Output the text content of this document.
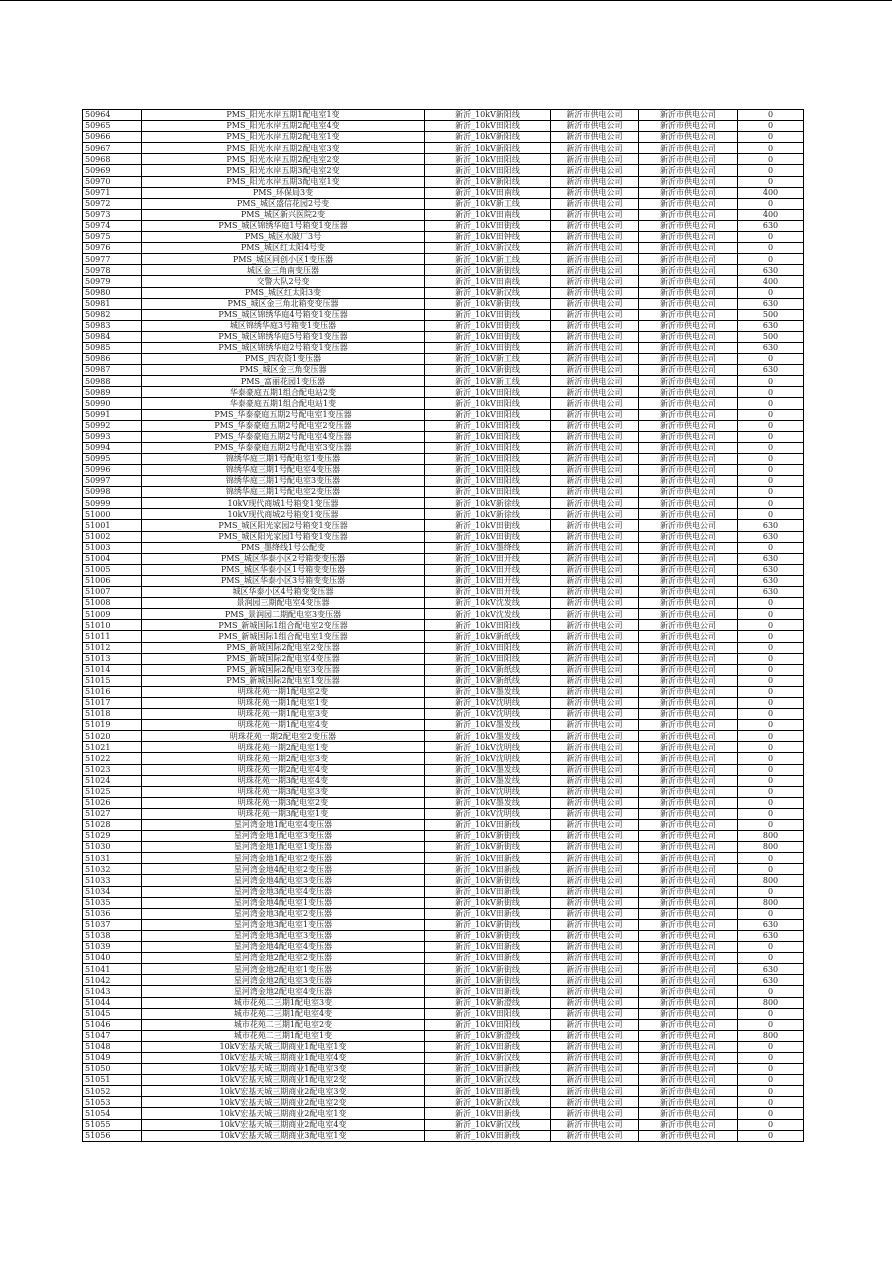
50964	PMS_阳光水岸五期1配电室1变	新沂_10kV新阳线	新沂市供电公司	新沂市供电公司	0
50965	PMS_阳光水岸五期2配电室4变	新沂_10kV田阳线	新沂市供电公司	新沂市供电公司	0
50966	PMS_阳光水岸五期2配电室1变	新沂_10kV新阳线	新沂市供电公司	新沂市供电公司	0
50967	PMS_阳光水岸五期2配电室3变	新沂_10kV新阳线	新沂市供电公司	新沂市供电公司	0
50968	PMS_阳光水岸五期2配电室2变	新沂_10kV田阳线	新沂市供电公司	新沂市供电公司	0
50969	PMS_阳光水岸五期3配电室2变	新沂_10kV田阳线	新沂市供电公司	新沂市供电公司	0
50970	PMS_阳光水岸五期3配电室1变	新沂_10kV新阳线	新沂市供电公司	新沂市供电公司	0
50971	PMS_环保局3变	新沂_10kV田南线	新沂市供电公司	新沂市供电公司	400
50972	PMS_城区盛信花园2号变	新沂_10kV新工线	新沂市供电公司	新沂市供电公司	0
50973	PMS_城区新兴医院2变	新沂_10kV田南线	新沂市供电公司	新沂市供电公司	400
50974	PMS_城区锦绣华庭1号箱变1变压器	新沂_10kV田街线	新沂市供电公司	新沂市供电公司	630
50975	PMS_城区水陂厂3号	新沂_10kV田钟线	新沂市供电公司	新沂市供电公司	0
50976	PMS_城区红太阳4号变	新沂_10kV新汉线	新沂市供电公司	新沂市供电公司	0
50977	PMS_城区同创小区1变压器	新沂_10kV新工线	新沂市供电公司	新沂市供电公司	0
50978	城区金三角南变压器	新沂_10kV新街线	新沂市供电公司	新沂市供电公司	630
50979	交警大队2号变	新沂_10kV田南线	新沂市供电公司	新沂市供电公司	400
50980	PMS_城区红太阳3变	新沂_10kV新汉线	新沂市供电公司	新沂市供电公司	0
50981	PMS_城区金三角北箱变变压器	新沂_10kV新街线	新沂市供电公司	新沂市供电公司	630
50982	PMS_城区锦绣华庭4号箱变1变压器	新沂_10kV田街线	新沂市供电公司	新沂市供电公司	500
50983	城区锦绣华庭3号箱变1变压器	新沂_10kV田街线	新沂市供电公司	新沂市供电公司	630
50984	PMS_城区锦绣华庭5号箱变1变压器	新沂_10kV田街线	新沂市供电公司	新沂市供电公司	500
50985	PMS_城区锦绣华庭2号箱变1变压器	新沂_10kV田街线	新沂市供电公司	新沂市供电公司	630
50986	PMS_四农资1变压器	新沂_10kV新工线	新沂市供电公司	新沂市供电公司	0
50987	PMS_城区金三角变压器	新沂_10kV新街线	新沂市供电公司	新沂市供电公司	630
50988	PMS_富丽花园1变压器	新沂_10kV新工线	新沂市供电公司	新沂市供电公司	0
50989	华泰豪庭五期1组合配电站2变	新沂_10kV田阳线	新沂市供电公司	新沂市供电公司	0
50990	华泰豪庭五期1组合配电站1变	新沂_10kV田阳线	新沂市供电公司	新沂市供电公司	0
50991	PMS_华泰豪庭五期2号配电室1变压器	新沂_10kV田阳线	新沂市供电公司	新沂市供电公司	0
50992	PMS_华泰豪庭五期2号配电室2变压器	新沂_10kV田阳线	新沂市供电公司	新沂市供电公司	0
50993	PMS_华泰豪庭五期2号配电室4变压器	新沂_10kV田阳线	新沂市供电公司	新沂市供电公司	0
50994	PMS_华泰豪庭五期2号配电室3变压器	新沂_10kV田阳线	新沂市供电公司	新沂市供电公司	0
50995	锦绣华庭三期1号配电室1变压器	新沂_10kV田阳线	新沂市供电公司	新沂市供电公司	0
50996	锦绣华庭三期1号配电室4变压器	新沂_10kV田阳线	新沂市供电公司	新沂市供电公司	0
50997	锦绣华庭三期1号配电室3变压器	新沂_10kV田阳线	新沂市供电公司	新沂市供电公司	0
50998	锦绣华庭三期1号配电室2变压器	新沂_10kV田阳线	新沂市供电公司	新沂市供电公司	0
50999	10kV现代商城1号箱变1变压器	新沂_10kV新徐线	新沂市供电公司	新沂市供电公司	0
51000	10kV现代商城2号箱变1变压器	新沂_10kV新徐线	新沂市供电公司	新沂市供电公司	0
51001	PMS_城区阳光家园2号箱变1变压器	新沂_10kV田街线	新沂市供电公司	新沂市供电公司	630
51002	PMS_城区阳光家园1号箱变1变压器	新沂_10kV田街线	新沂市供电公司	新沂市供电公司	630
51003	PMS_墨绛线1号公配变	新沂_10kV墨绛线	新沂市供电公司	新沂市供电公司	0
51004	PMS_城区华泰小区2号箱变变压器	新沂_10kV田开线	新沂市供电公司	新沂市供电公司	630
51005	PMS_城区华泰小区1号箱变变压器	新沂_10kV田开线	新沂市供电公司	新沂市供电公司	630
51006	PMS_城区华泰小区3号箱变变压器	新沂_10kV田开线	新沂市供电公司	新沂市供电公司	630
51007	城区华泰小区4号箱变变压器	新沂_10kV田开线	新沂市供电公司	新沂市供电公司	630
51008	景润园三期配电室4变压器	新沂_10kV沈发线	新沂市供电公司	新沂市供电公司	0
51009	PMS_景润园二期配电室3变压器	新沂_10kV沈发线	新沂市供电公司	新沂市供电公司	0
51010	PMS_新城国际1组合配电室2变压器	新沂_10kV田阳线	新沂市供电公司	新沂市供电公司	0
51011	PMS_新城国际1组合配电室1变压器	新沂_10kV新纸线	新沂市供电公司	新沂市供电公司	0
51012	PMS_新城国际2配电室2变压器	新沂_10kV田阳线	新沂市供电公司	新沂市供电公司	0
51013	PMS_新城国际2配电室4变压器	新沂_10kV田阳线	新沂市供电公司	新沂市供电公司	0
51014	PMS_新城国际2配电室3变压器	新沂_10kV新纸线	新沂市供电公司	新沂市供电公司	0
51015	PMS_新城国际2配电室1变压器	新沂_10kV新纸线	新沂市供电公司	新沂市供电公司	0
51016	明珠花苑一期1配电室2变	新沂_10kV墨发线	新沂市供电公司	新沂市供电公司	0
51017	明珠花苑一期1配电室1变	新沂_10kV沈明线	新沂市供电公司	新沂市供电公司	0
51018	明珠花苑一期1配电室3变	新沂_10kV沈明线	新沂市供电公司	新沂市供电公司	0
51019	明珠花苑一期1配电室4变	新沂_10kV墨发线	新沂市供电公司	新沂市供电公司	0
51020	明珠花苑一期2配电室2变压器	新沂_10kV墨发线	新沂市供电公司	新沂市供电公司	0
51021	明珠花苑一期2配电室1变	新沂_10kV沈明线	新沂市供电公司	新沂市供电公司	0
51022	明珠花苑一期2配电室3变	新沂_10kV沈明线	新沂市供电公司	新沂市供电公司	0
51023	明珠花苑一期2配电室4变	新沂_10kV墨发线	新沂市供电公司	新沂市供电公司	0
51024	明珠花苑一期3配电室4变	新沂_10kV墨发线	新沂市供电公司	新沂市供电公司	0
51025	明珠花苑一期3配电室3变	新沂_10kV沈明线	新沂市供电公司	新沂市供电公司	0
51026	明珠花苑一期3配电室2变	新沂_10kV墨发线	新沂市供电公司	新沂市供电公司	0
51027	明珠花苑一期3配电室1变	新沂_10kV沈明线	新沂市供电公司	新沂市供电公司	0
51028	星河湾金地1配电室4变压器	新沂_10kV田新线	新沂市供电公司	新沂市供电公司	0
51029	星河湾金地1配电室3变压器	新沂_10kV新街线	新沂市供电公司	新沂市供电公司	800
51030	星河湾金地1配电室1变压器	新沂_10kV新街线	新沂市供电公司	新沂市供电公司	800
51031	星河湾金地1配电室2变压器	新沂_10kV田新线	新沂市供电公司	新沂市供电公司	0
51032	星河湾金地4配电室2变压器	新沂_10kV田新线	新沂市供电公司	新沂市供电公司	0
51033	星河湾金地4配电室3变压器	新沂_10kV新街线	新沂市供电公司	新沂市供电公司	800
51034	星河湾金地3配电室4变压器	新沂_10kV田新线	新沂市供电公司	新沂市供电公司	0
51035	星河湾金地4配电室1变压器	新沂_10kV新街线	新沂市供电公司	新沂市供电公司	800
51036	星河湾金地3配电室2变压器	新沂_10kV田新线	新沂市供电公司	新沂市供电公司	0
51037	星河湾金地3配电室1变压器	新沂_10kV新街线	新沂市供电公司	新沂市供电公司	630
51038	星河湾金地3配电室3变压器	新沂_10kV新街线	新沂市供电公司	新沂市供电公司	630
51039	星河湾金地4配电室4变压器	新沂_10kV田新线	新沂市供电公司	新沂市供电公司	0
51040	星河湾金地2配电室2变压器	新沂_10kV田新线	新沂市供电公司	新沂市供电公司	0
51041	星河湾金地2配电室1变压器	新沂_10kV新街线	新沂市供电公司	新沂市供电公司	630
51042	星河湾金地2配电室3变压器	新沂_10kV新街线	新沂市供电公司	新沂市供电公司	630
51043	星河湾金地2配电室4变压器	新沂_10kV田新线	新沂市供电公司	新沂市供电公司	0
51044	城市花苑二三期1配电室3变	新沂_10kV新澄线	新沂市供电公司	新沂市供电公司	800
51045	城市花苑二三期1配电室4变	新沂_10kV田阳线	新沂市供电公司	新沂市供电公司	0
51046	城市花苑二三期1配电室2变	新沂_10kV田阳线	新沂市供电公司	新沂市供电公司	0
51047	城市花苑二三期1配电室1变	新沂_10kV新澄线	新沂市供电公司	新沂市供电公司	800
51048	10kV宏基天城三期商业1配电室1变	新沂_10kV田新线	新沂市供电公司	新沂市供电公司	0
51049	10kV宏基天城三期商业1配电室4变	新沂_10kV新汉线	新沂市供电公司	新沂市供电公司	0
51050	10kV宏基天城三期商业1配电室3变	新沂_10kV田新线	新沂市供电公司	新沂市供电公司	0
51051	10kV宏基天城三期商业1配电室2变	新沂_10kV新汉线	新沂市供电公司	新沂市供电公司	0
51052	10kV宏基天城三期商业2配电室3变	新沂_10kV田新线	新沂市供电公司	新沂市供电公司	0
51053	10kV宏基天城三期商业2配电室2变	新沂_10kV新汉线	新沂市供电公司	新沂市供电公司	0
51054	10kV宏基天城三期商业2配电室1变	新沂_10kV田新线	新沂市供电公司	新沂市供电公司	0
51055	10kV宏基天城三期商业2配电室4变	新沂_10kV新汉线	新沂市供电公司	新沂市供电公司	0
51056	10kV宏基天城三期商业3配电室1变	新沂_10kV田新线	新沂市供电公司	新沂市供电公司	0
